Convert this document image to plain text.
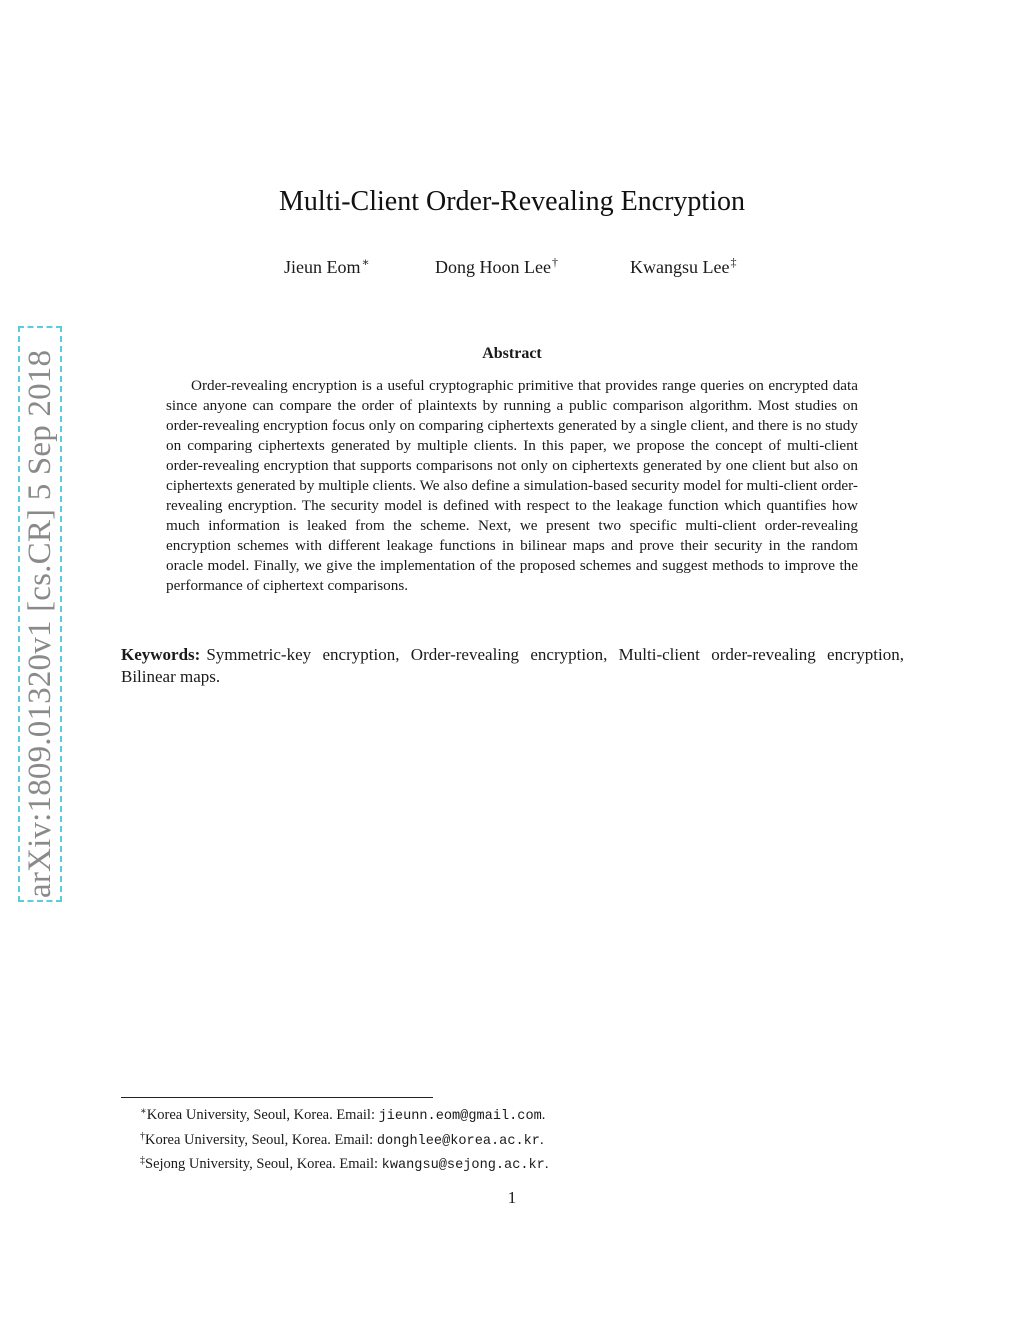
arXiv:1809.01320v1 [cs.CR] 5 Sep 2018
Multi-Client Order-Revealing Encryption
Jieun Eom∗	Dong Hoon Lee†	Kwangsu Lee‡
Abstract

Order-revealing encryption is a useful cryptographic primitive that provides range queries on encrypted data since anyone can compare the order of plaintexts by running a public comparison algorithm. Most studies on order-revealing encryption focus only on comparing ciphertexts generated by a single client, and there is no study on comparing ciphertexts generated by multiple clients. In this paper, we propose the concept of multi-client order-revealing encryption that supports comparisons not only on ciphertexts generated by one client but also on ciphertexts generated by multiple clients. We also define a simulation-based security model for multi-client order-revealing encryption. The security model is defined with respect to the leakage function which quantifies how much information is leaked from the scheme. Next, we present two specific multi-client order-revealing encryption schemes with different leakage functions in bilinear maps and prove their security in the random oracle model. Finally, we give the implementation of the proposed schemes and suggest methods to improve the performance of ciphertext comparisons.

Keywords: Symmetric-key encryption, Order-revealing encryption, Multi-client order-revealing encryption, Bilinear maps.

∗Korea University, Seoul, Korea. Email: jieunn.eom@gmail.com.
†Korea University, Seoul, Korea. Email: donghlee@korea.ac.kr.
‡Sejong University, Seoul, Korea. Email: kwangsu@sejong.ac.kr.
1
